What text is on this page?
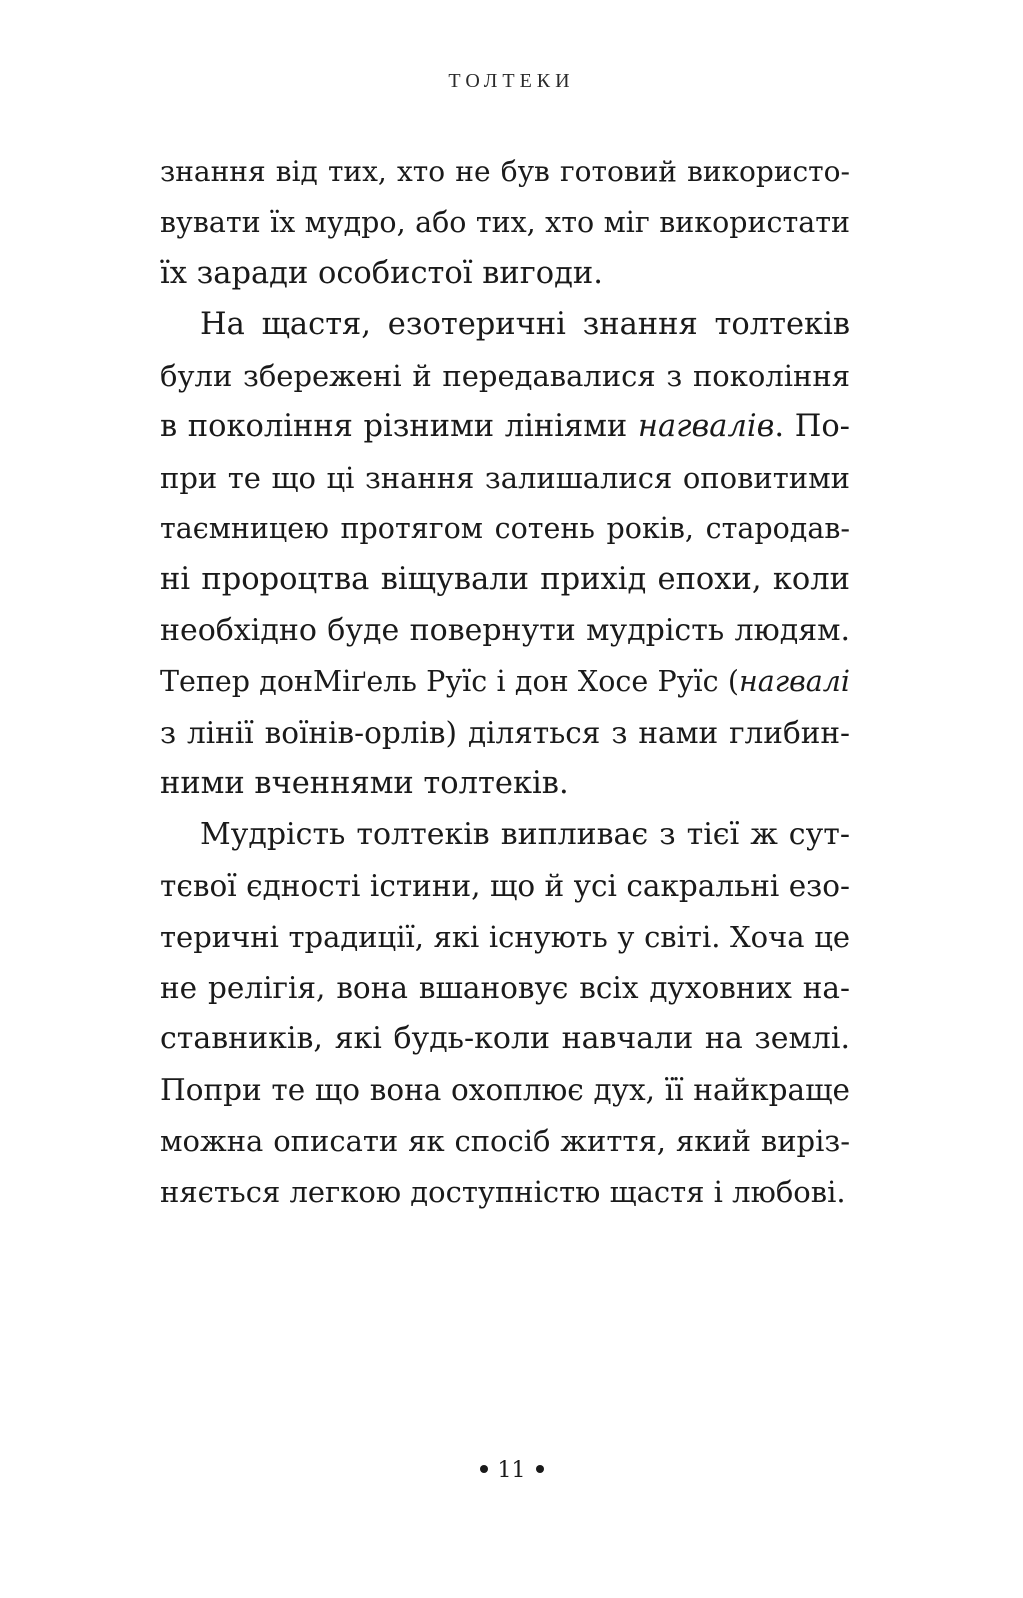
ТОЛТЕКИ
знання від тих, хто не був готовий використо-
вувати їх мудро, або тих, хто міг використати
їх заради особистої вигоди.
На щастя, езотеричні знання толтеків
були збережені й передавалися з покоління
в покоління різними лініями нагвалів. По-
при те що ці знання залишалися оповитими
таємницею протягом сотень років, стародав-
ні пророцтва віщували прихід епохи, коли
необхідно буде повернути мудрість людям.
Тепер донМіґель Руїс і дон Хосе Руїс (нагвалі
з лінії воїнів-орлів) діляться з нами глибин-
ними вченнями толтеків.
Мудрість толтеків випливає з тієї ж сут-
тєвої єдності істини, що й усі сакральні езо-
теричні традиції, які існують у світі. Хоча це
не релігія, вона вшановує всіх духовних на-
ставників, які будь-коли навчали на землі.
Попри те що вона охоплює дух, її найкраще
можна описати як спосіб життя, який виріз-
няється легкою доступністю щастя і любові.
11
